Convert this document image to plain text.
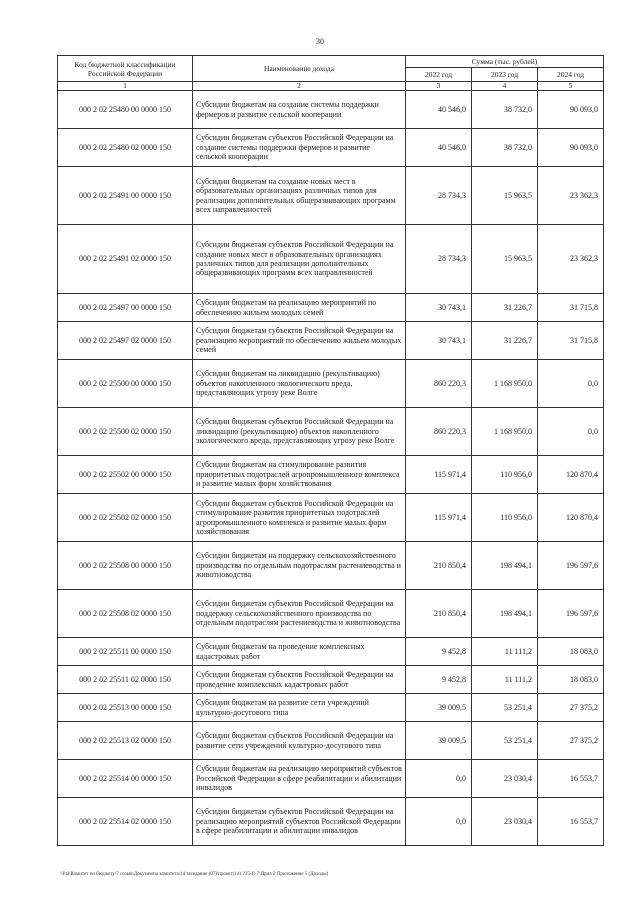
30
Код бюджетной классификации Российской Федерации	Наименование дохода	Сумма (тыс. рублей)		
		2022 год	2023 год	2024 год
1	2	3	4	5
000 2 02 25480 00 0000 150	Субсидии бюджетам на создание системы поддержки фермеров и развитие сельской кооперации	40 546,0	38 732,0	90 093,0
000 2 02 25480 02 0000 150	Субсидии бюджетам субъектов Российской Федерации на создание системы поддержки фермеров и развитие сельской кооперации	40 546,0	38 732,0	90 093,0
000 2 02 25491 00 0000 150	Субсидии бюджетам на создание новых мест в образовательных организациях различных типов для реализации дополнительных общеразвивающих программ всех направленностей	28 734,3	15 963,5	23 362,3
000 2 02 25491 02 0000 150	Субсидии бюджетам субъектов Российской Федерации на создание новых мест в образовательных организациях различных типов для реализации дополнительных общеразвивающих программ всех направленностей	28 734,3	15 963,5	23 362,3
000 2 02 25497 00 0000 150	Субсидии бюджетам на реализацию мероприятий по обеспечению жильем молодых семей	30 743,1	31 226,7	31 715,8
000 2 02 25497 02 0000 150	Субсидии бюджетам субъектов Российской Федерации на реализацию мероприятий по обеспечению жильем молодых семей	30 743,1	31 226,7	31 715,8
000 2 02 25500 00 0000 150	Субсидии бюджетам на ликвидацию (рекультивацию) объектов накопленного экологического вреда, представляющих угрозу реке Волге	860 220,3	1 168 950,0	0,0
000 2 02 25500 02 0000 150	Субсидии бюджетам субъектов Российской Федерации на ликвидацию (рекультивацию) объектов накопленного экологического вреда, представляющих угрозу реке Волге	860 220,3	1 168 950,0	0,0
000 2 02 25502 00 0000 150	Субсидии бюджетам на стимулирование развития приоритетных подотраслей агропромышленного комплекса и развитие малых форм хозяйствования	115 971,4	110 956,0	120 870,4
000 2 02 25502 02 0000 150	Субсидии бюджетам субъектов Российской Федерации на стимулирование развития приоритетных подотраслей агропромышленного комплекса и развитие малых форм хозяйствования	115 971,4	110 956,0	120 870,4
000 2 02 25508 00 0000 150	Субсидии бюджетам на поддержку сельскохозяйственного производства по отдельным подотраслям растениеводства и животноводства	210 850,4	198 494,1	196 597,6
000 2 02 25508 02 0000 150	Субсидии бюджетам субъектов Российской Федерации на поддержку сельскохозяйственного производства по отдельным подотраслям растениеводства и животноводства	210 850,4	198 494,1	196 597,6
000 2 02 25511 00 0000 150	Субсидии бюджетам на проведение комплексных кадастровых работ	9 452,8	11 111,2	18 083,0
000 2 02 25511 02 0000 150	Субсидии бюджетам субъектов Российской Федерации на проведение комплексных кадастровых работ	9 452,8	11 111,2	18 083,0
000 2 02 25513 00 0000 150	Субсидии бюджетам на развитие сети учреждений культурно-досугового типа	39 009,5	53 251,4	27 375,2
000 2 02 25513 02 0000 150	Субсидии бюджетам субъектов Российской Федерации на развитие сети учреждений культурно-досугового типа	39 009,5	53 251,4	27 375,2
000 2 02 25514 00 0000 150	Субсидии бюджетам на реализацию мероприятий субъектов Российской Федерации в сфере реабилитации и абилитации инвалидов	0,0	23 030,4	16 553,7
000 2 02 25514 02 0000 150	Субсидии бюджетам субъектов Российской Федерации на реализацию мероприятий субъектов Российской Федерации в сфере реабилитации и абилитации инвалидов	0,0	23 030,4	16 553,7
\\Pal\Комитет по бюджету\7 созыв\Документы комитета\14 заседание (07)\проект(14) 235-II-7\Прил 2 Приложение 5 (Доходы)
